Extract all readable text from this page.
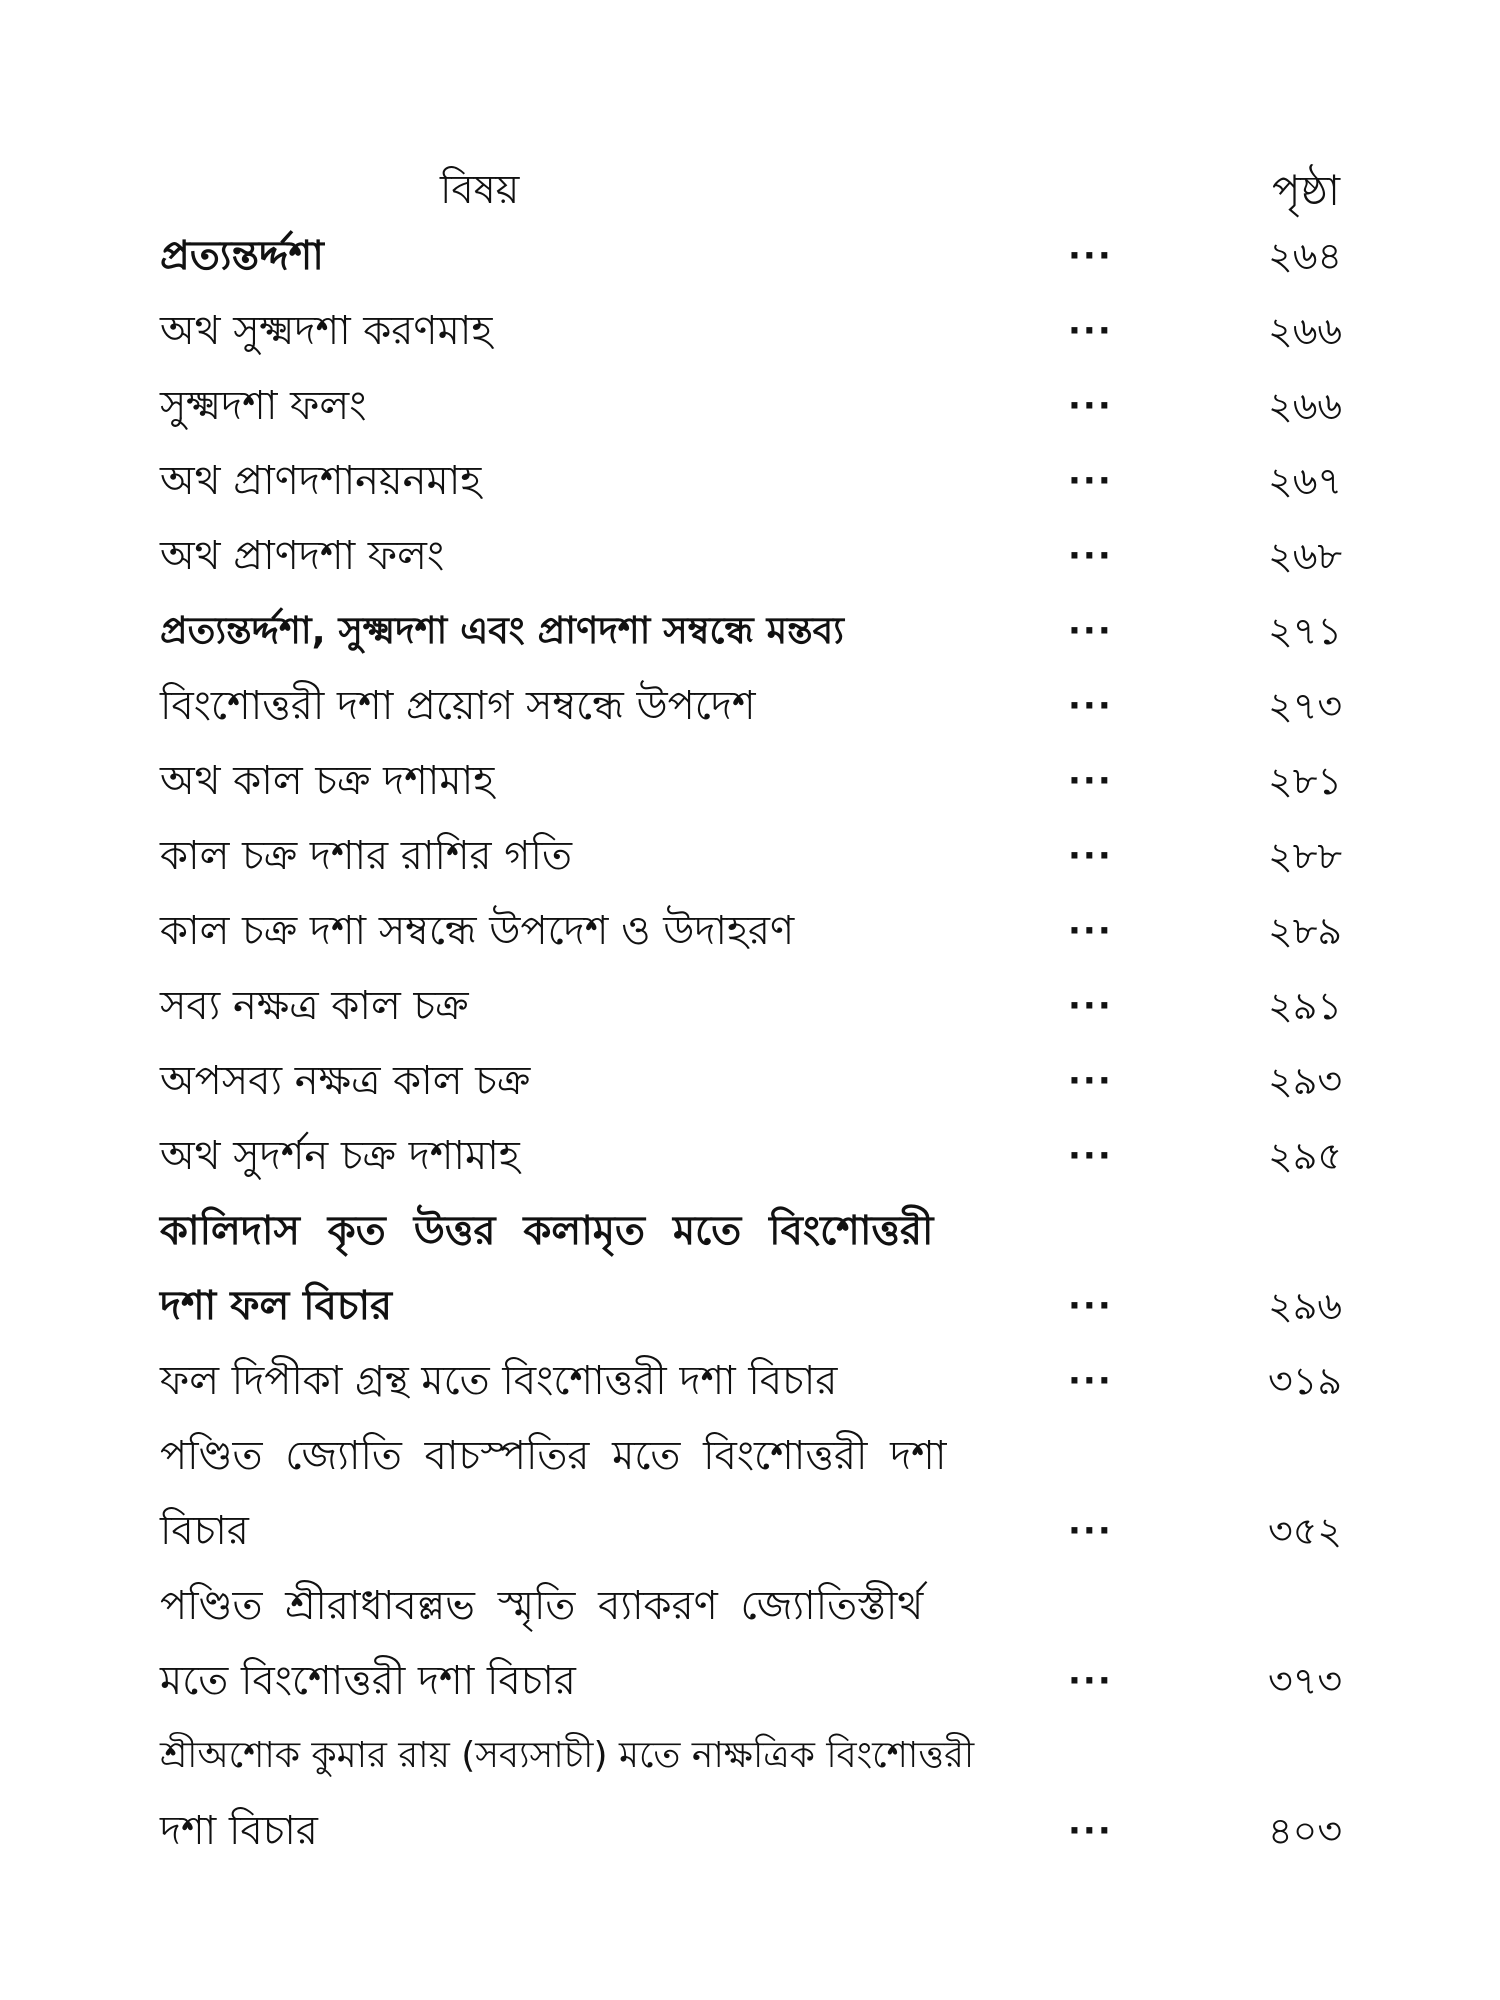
বিষয়	পৃষ্ঠা
প্রত্যন্তর্দ্দশা	···	২৬৪
অথ সুক্ষ্মদশা করণমাহ	···	২৬৬
সুক্ষ্মদশা ফলং	···	২৬৬
অথ প্রাণদশানয়নমাহ	···	২৬৭
অথ প্রাণদশা ফলং	···	২৬৮
প্রত্যন্তর্দ্দশা, সুক্ষ্মদশা এবং প্রাণদশা সম্বন্ধে মন্তব্য	···	২৭১
বিংশোত্তরী দশা প্রয়োগ সম্বন্ধে উপদেশ	···	২৭৩
অথ কাল চক্র দশামাহ	···	২৮১
কাল চক্র দশার রাশির গতি	···	২৮৮
কাল চক্র দশা সম্বন্ধে উপদেশ ও উদাহরণ	···	২৮৯
সব্য নক্ষত্র কাল চক্র	···	২৯১
অপসব্য নক্ষত্র কাল চক্র	···	২৯৩
অথ সুদর্শন চক্র দশামাহ	···	২৯৫
কালিদাস কৃত উত্তর কলামৃত মতে বিংশোত্তরী
দশা ফল বিচার	···	২৯৬
ফল দিপীকা গ্রন্থ মতে বিংশোত্তরী দশা বিচার	···	৩১৯
পণ্ডিত জ্যোতি বাচস্পতির মতে বিংশোত্তরী দশা
বিচার	···	৩৫২
পণ্ডিত শ্রীরাধাবল্লভ স্মৃতি ব্যাকরণ জ্যোতিস্তীর্থ
মতে বিংশোত্তরী দশা বিচার	···	৩৭৩
শ্রীঅশোক কুমার রায় (সব্যসাচী) মতে নাক্ষত্রিক বিংশোত্তরী
দশা বিচার	···	৪০৩
